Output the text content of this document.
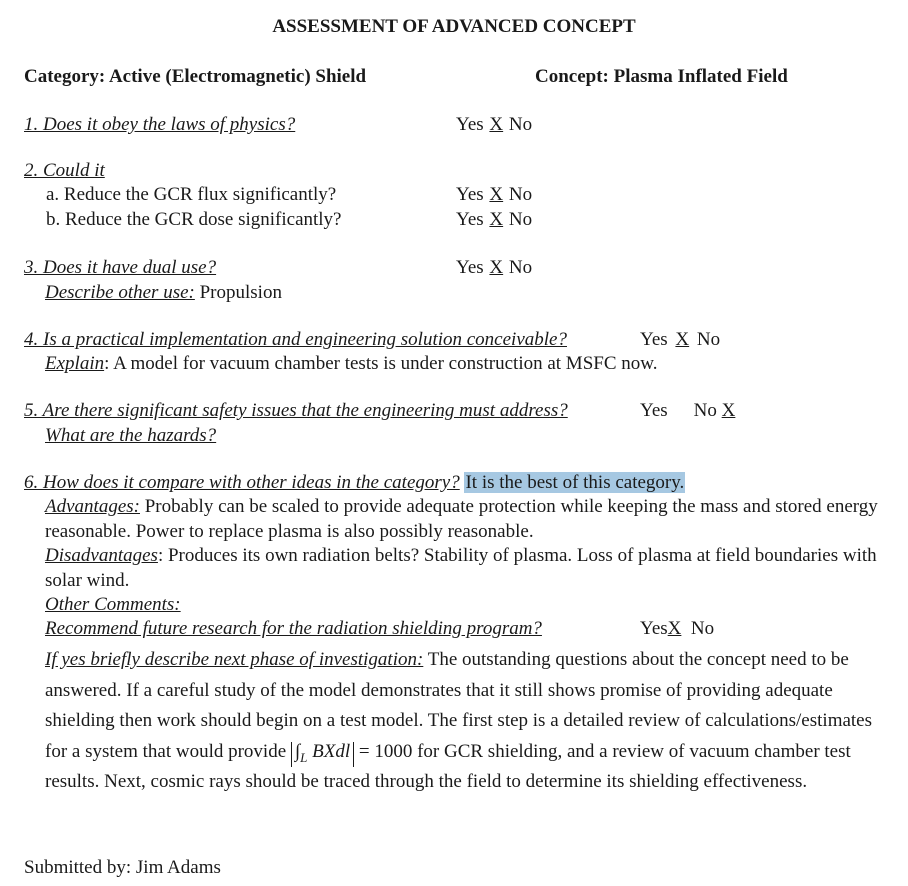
ASSESSMENT OF ADVANCED CONCEPT
Category: Active (Electromagnetic) Shield	Concept: Plasma Inflated Field
1. Does it obey the laws of physics?	Yes X No
2. Could it
a. Reduce the GCR flux significantly?	Yes X No
b. Reduce the GCR dose significantly?	Yes X No
3. Does it have dual use?	Yes X No
Describe other use: Propulsion
4. Is a practical implementation and engineering solution conceivable?	Yes X No
Explain: A model for vacuum chamber tests is under construction at MSFC now.
5. Are there significant safety issues that the engineering must address?	Yes No X
What are the hazards?
6. How does it compare with other ideas in the category? It is the best of this category.
Advantages: Probably can be scaled to provide adequate protection while keeping the mass and stored energy reasonable. Power to replace plasma is also possibly reasonable.
Disadvantages: Produces its own radiation belts? Stability of plasma. Loss of plasma at field boundaries with solar wind.
Other Comments:
Recommend future research for the radiation shielding program?	YesX No
If yes briefly describe next phase of investigation: The outstanding questions about the concept need to be answered. If a careful study of the model demonstrates that it still shows promise of providing adequate shielding then work should begin on a test model. The first step is a detailed review of calculations/estimates for a system that would provide $\int_L$ BXdl = 1000 for GCR shielding, and a review of vacuum chamber test results. Next, cosmic rays should be traced through the field to determine its shielding effectiveness.
Submitted by: Jim Adams
